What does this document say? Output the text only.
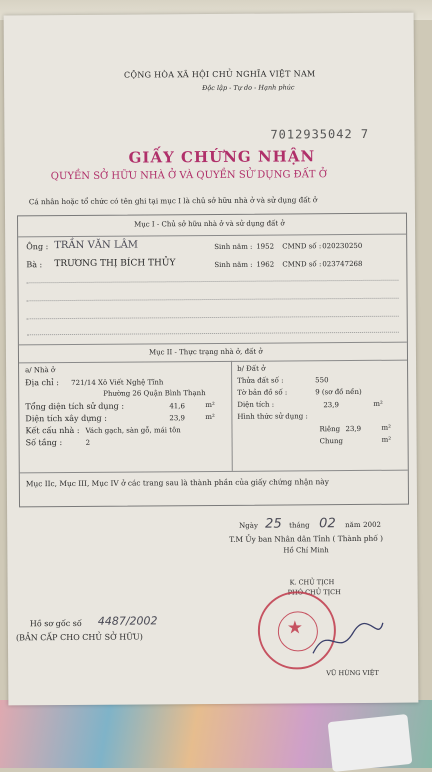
CỘNG HÒA XÃ HỘI CHỦ NGHĨA VIỆT NAM
Độc lập - Tự do - Hạnh phúc
7012935042 7
GIẤY CHỨNG NHẬN
QUYỀN SỞ HỮU NHÀ Ở VÀ QUYỀN SỬ DỤNG ĐẤT Ở
Cá nhân hoặc tổ chức có tên ghi tại mục I là chủ sở hữu nhà ở và sử dụng đất ở
Mục I - Chủ sở hữu nhà ở và sử dụng đất ở
Ông : TRẦN VĂN LÂM	Sinh năm : 1952 CMND số : 020230250
Bà : TRƯƠNG THỊ BÍCH THỦY	Sinh năm : 1962 CMND số : 023747268
Mục II - Thực trạng nhà ở, đất ở
a/ Nhà ở
Địa chỉ : 721/14 Xô Viết Nghệ Tĩnh
Phường 26 Quận Bình Thạnh
Tổng diện tích sử dụng :	41,6	m²
Diện tích xây dựng :	23,9	m²
Kết cấu nhà : Vách gạch, sàn gỗ, mái tôn
Số tầng :	2
b/ Đất ở
Thửa đất số :	550
Tờ bản đồ số :	9 (sơ đồ nền)
Diện tích :	23,9	m²
Hình thức sử dụng :
Riêng 23,9	m²
Chung	m²
Mục IIc, Mục III, Mục IV ở các trang sau là thành phần của giấy chứng nhận này
Ngày 25 tháng 02 năm 2002
T.M Ủy ban Nhân dân Tỉnh ( Thành phố )
Hồ Chí Minh
K. CHỦ TỊCH
PHÓ CHỦ TỊCH
★
VŨ HÙNG VIỆT
Hồ sơ gốc số 4487/2002
(BẢN CẤP CHO CHỦ SỞ HỮU)
